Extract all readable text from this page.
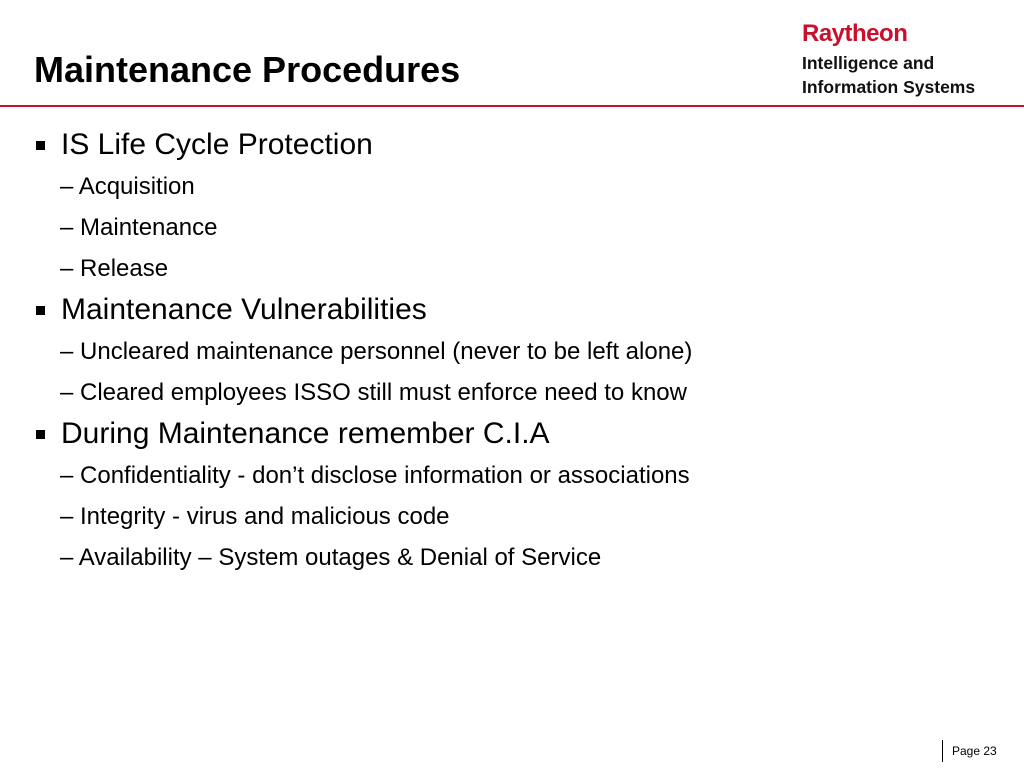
Maintenance Procedures
Raytheon
Intelligence and
Information Systems
IS Life Cycle Protection
– Acquisition
– Maintenance
– Release
Maintenance Vulnerabilities
– Uncleared maintenance personnel (never to be left alone)
– Cleared employees ISSO still must enforce need to know
During Maintenance remember C.I.A
– Confidentiality - don’t disclose information or associations
– Integrity - virus and malicious code
– Availability – System outages & Denial of Service
Page 23
